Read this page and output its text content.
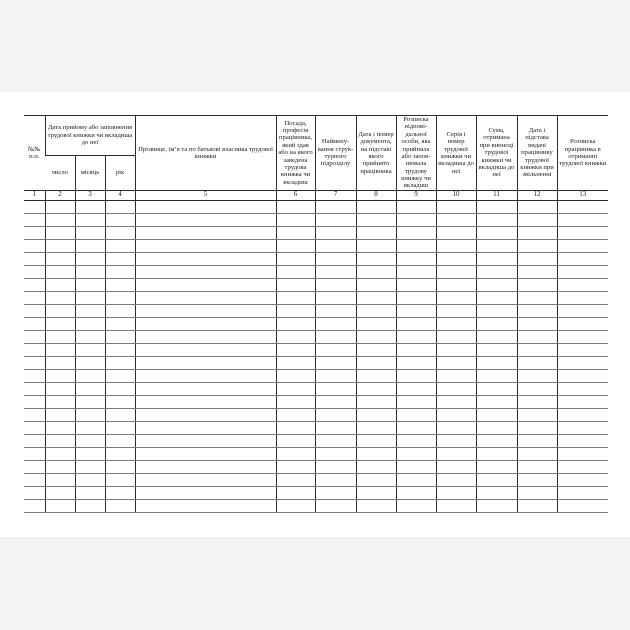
№№ п.п.	Дата прийому або заповнення трудової книжки чи вкладиша до неї			Прізвище, ім’я та по батькові власника трудової книжки	Посада, професія працівника, який здав або на якого заведена трудова книжка чи вкладиш	Наймену-вання струк-турного підрозділу	Дата і номер документа, на підставі якого прийнято працівника	Розписка відпові-дальної особи, яка прийняла або запов-нювала трудову книжку чи вкладиш	Серія і номер трудової книжки чи вкладиша до неї	Сума, отримана при виписці трудової книжки чи вкладиша до неї	Дата і підстава видачі працівнику трудової книжки при звільненні	Розписка працівника в отриманні трудової книжки
	число	місяць	рік									
1	2	3	4	5	6	7	8	9	10	11	12	13
